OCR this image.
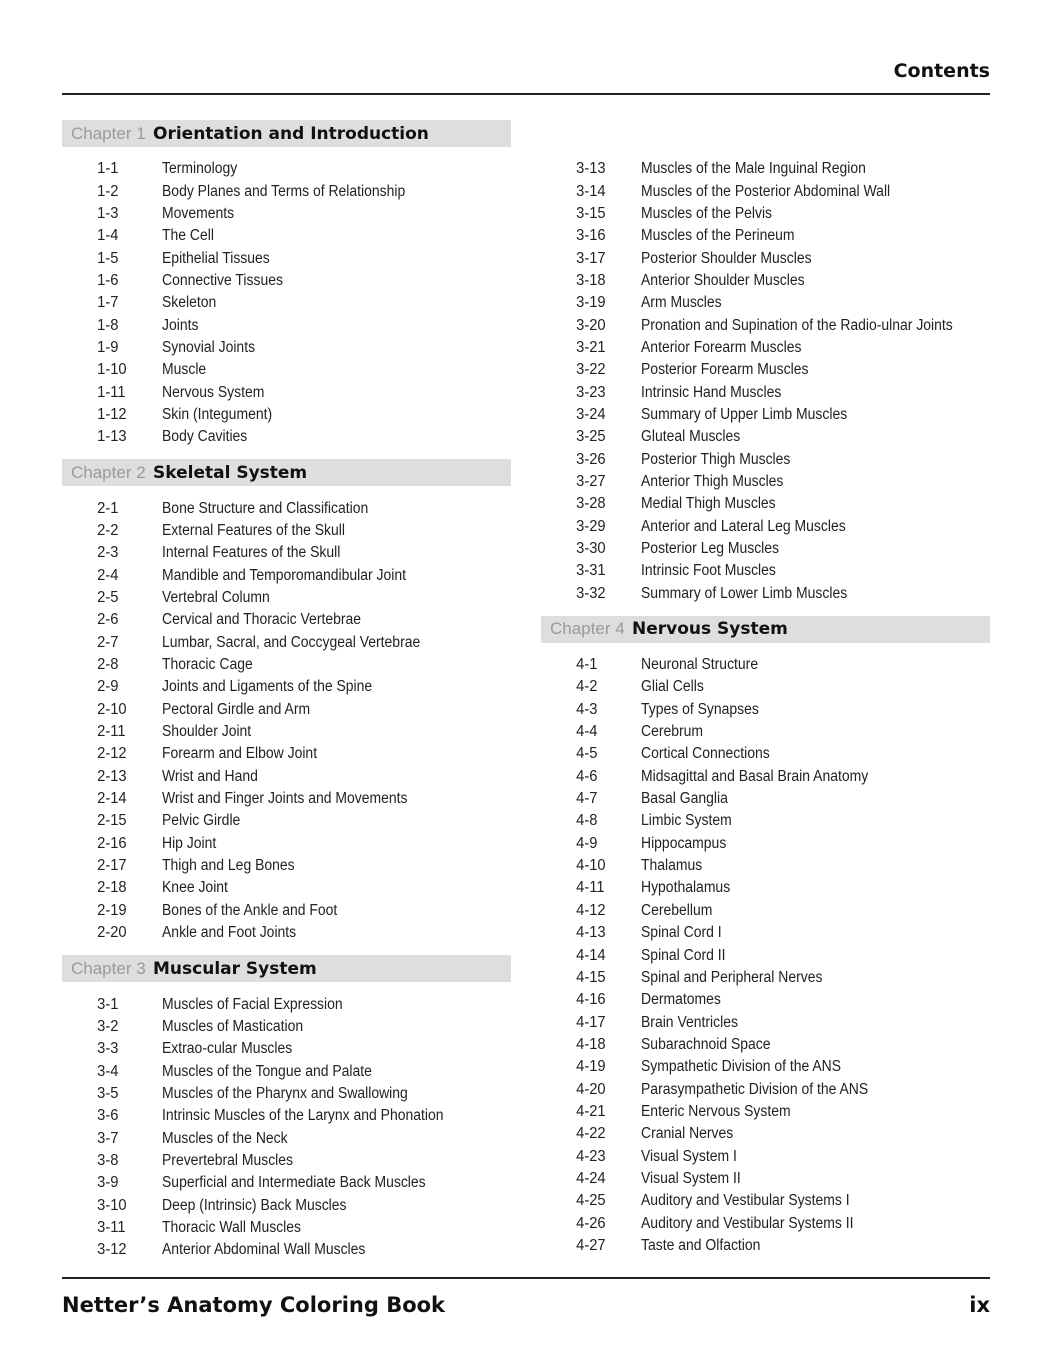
Contents
Chapter 1 Orientation and Introduction
1-1	Terminology
1-2	Body Planes and Terms of Relationship
1-3	Movements
1-4	The Cell
1-5	Epithelial Tissues
1-6	Connective Tissues
1-7	Skeleton
1-8	Joints
1-9	Synovial Joints
1-10	Muscle
1-11	Nervous System
1-12	Skin (Integument)
1-13	Body Cavities
Chapter 2 Skeletal System
2-1	Bone Structure and Classification
2-2	External Features of the Skull
2-3	Internal Features of the Skull
2-4	Mandible and Temporomandibular Joint
2-5	Vertebral Column
2-6	Cervical and Thoracic Vertebrae
2-7	Lumbar, Sacral, and Coccygeal Vertebrae
2-8	Thoracic Cage
2-9	Joints and Ligaments of the Spine
2-10	Pectoral Girdle and Arm
2-11	Shoulder Joint
2-12	Forearm and Elbow Joint
2-13	Wrist and Hand
2-14	Wrist and Finger Joints and Movements
2-15	Pelvic Girdle
2-16	Hip Joint
2-17	Thigh and Leg Bones
2-18	Knee Joint
2-19	Bones of the Ankle and Foot
2-20	Ankle and Foot Joints
Chapter 3 Muscular System
3-1	Muscles of Facial Expression
3-2	Muscles of Mastication
3-3	Extrao-cular Muscles
3-4	Muscles of the Tongue and Palate
3-5	Muscles of the Pharynx and Swallowing
3-6	Intrinsic Muscles of the Larynx and Phonation
3-7	Muscles of the Neck
3-8	Prevertebral Muscles
3-9	Superficial and Intermediate Back Muscles
3-10	Deep (Intrinsic) Back Muscles
3-11	Thoracic Wall Muscles
3-12	Anterior Abdominal Wall Muscles
3-13	Muscles of the Male Inguinal Region
3-14	Muscles of the Posterior Abdominal Wall
3-15	Muscles of the Pelvis
3-16	Muscles of the Perineum
3-17	Posterior Shoulder Muscles
3-18	Anterior Shoulder Muscles
3-19	Arm Muscles
3-20	Pronation and Supination of the Radio-ulnar Joints
3-21	Anterior Forearm Muscles
3-22	Posterior Forearm Muscles
3-23	Intrinsic Hand Muscles
3-24	Summary of Upper Limb Muscles
3-25	Gluteal Muscles
3-26	Posterior Thigh Muscles
3-27	Anterior Thigh Muscles
3-28	Medial Thigh Muscles
3-29	Anterior and Lateral Leg Muscles
3-30	Posterior Leg Muscles
3-31	Intrinsic Foot Muscles
3-32	Summary of Lower Limb Muscles
Chapter 4 Nervous System
4-1	Neuronal Structure
4-2	Glial Cells
4-3	Types of Synapses
4-4	Cerebrum
4-5	Cortical Connections
4-6	Midsagittal and Basal Brain Anatomy
4-7	Basal Ganglia
4-8	Limbic System
4-9	Hippocampus
4-10	Thalamus
4-11	Hypothalamus
4-12	Cerebellum
4-13	Spinal Cord I
4-14	Spinal Cord II
4-15	Spinal and Peripheral Nerves
4-16	Dermatomes
4-17	Brain Ventricles
4-18	Subarachnoid Space
4-19	Sympathetic Division of the ANS
4-20	Parasympathetic Division of the ANS
4-21	Enteric Nervous System
4-22	Cranial Nerves
4-23	Visual System I
4-24	Visual System II
4-25	Auditory and Vestibular Systems I
4-26	Auditory and Vestibular Systems II
4-27	Taste and Olfaction
Netter’s Anatomy Coloring Book	ix
